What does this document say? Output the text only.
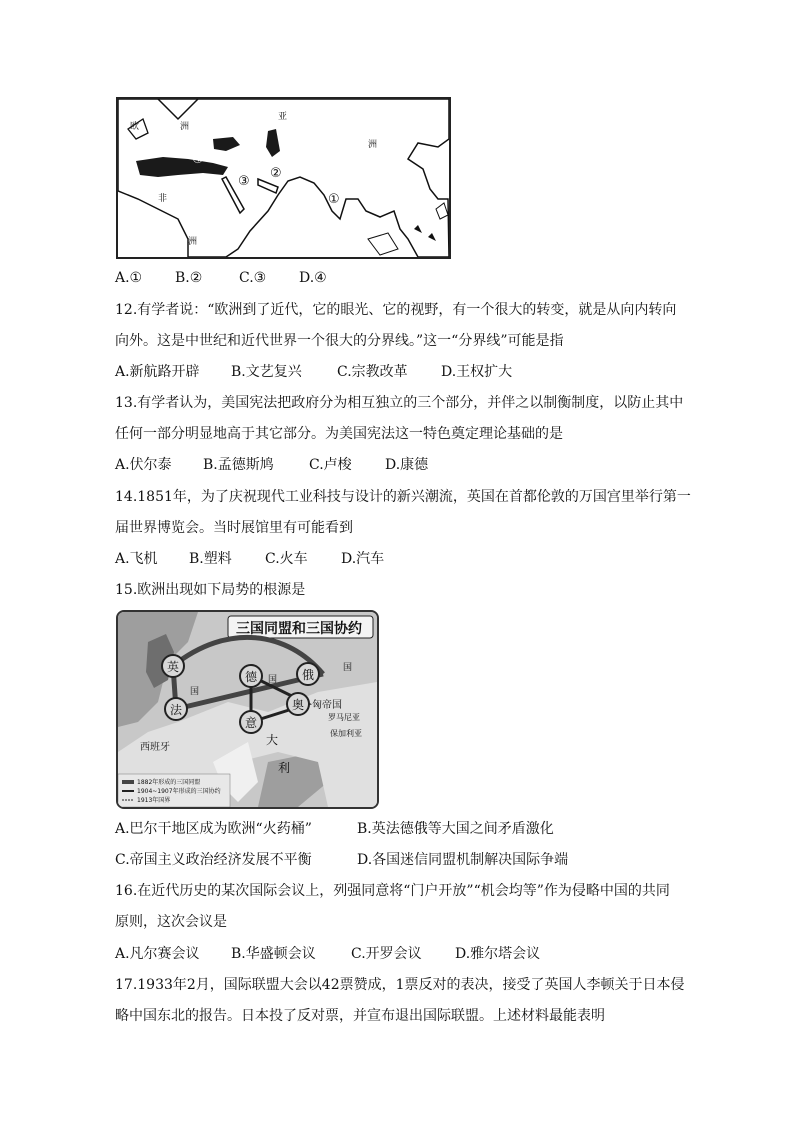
欧	洲
亚
洲
非
洲
①
②
③
④
A.① B.②	C.③ D.④
12.有学者说：“欧洲到了近代，它的眼光、它的视野，有一个很大的转变，就是从向内转向
向外。这是中世纪和近代世界一个很大的分界线。”这一“分界线”可能是指
A.新航路开辟 B.文艺复兴	C.宗教改革 D.王权扩大
13.有学者认为，美国宪法把政府分为相互独立的三个部分，并伴之以制衡制度，以防止其中
任何一部分明显地高于其它部分。为美国宪法这一特色奠定理论基础的是
A.伏尔泰 B.孟德斯鸠	C.卢梭 D.康德
14.1851年，为了庆祝现代工业科技与设计的新兴潮流，英国在首都伦敦的万国宫里举行第一
届世界博览会。当时展馆里有可能看到
A.飞机 B.塑料 C.火车 D.汽车
15.欧洲出现如下局势的根源是
三国同盟和三国协约
英
法
德	俄
奥
意
国
国
国
匈帝国
西班牙
大
利
罗马尼亚
保加利亚
1882年形成的三国同盟
1904~1907年形成的三国协约
1913年国界
A.巴尔干地区成为欧洲“火药桶”	B.英法德俄等大国之间矛盾激化
C.帝国主义政治经济发展不平衡	D.各国迷信同盟机制解决国际争端
16.在近代历史的某次国际会议上，列强同意将“门户开放”“机会均等”作为侵略中国的共同
原则，这次会议是
A.凡尔赛会议 B.华盛顿会议	C.开罗会议 D.雅尔塔会议
17.1933年2月，国际联盟大会以42票赞成，1票反对的表决，接受了英国人李顿关于日本侵
略中国东北的报告。日本投了反对票，并宣布退出国际联盟。上述材料最能表明
